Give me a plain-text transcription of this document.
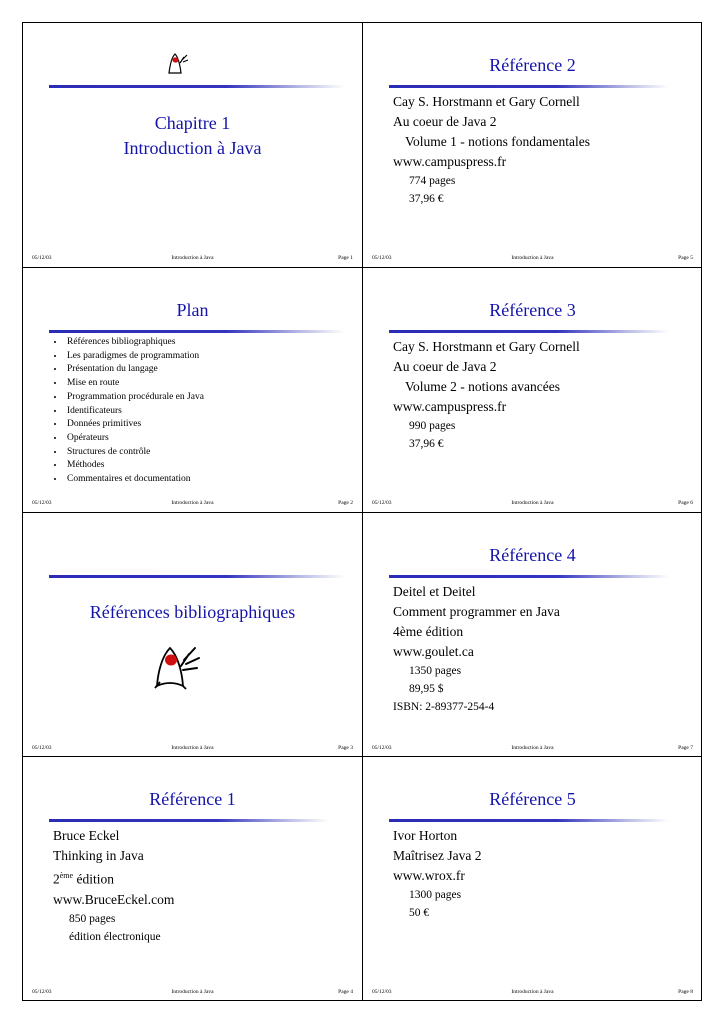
Chapitre 1
Introduction à Java
05/12/03	Introduction à Java	Page 1
Référence 2
Cay S. Horstmann et Gary Cornell
Au coeur de Java 2
Volume 1 - notions fondamentales
www.campuspress.fr
774 pages
37,96 €
05/12/03	Introduction à Java	Page 5
Plan
• Références bibliographiques
• Les paradigmes de programmation
• Présentation du langage
• Mise en route
• Programmation procédurale en Java
• Identificateurs
• Données primitives
• Opérateurs
• Structures de contrôle
• Méthodes
• Commentaires et documentation
05/12/03	Introduction à Java	Page 2
Référence 3
Cay S. Horstmann et Gary Cornell
Au coeur de Java 2
Volume 2 - notions avancées
www.campuspress.fr
990 pages
37,96 €
05/12/03	Introduction à Java	Page 6
Références bibliographiques
05/12/03	Introduction à Java	Page 3
Référence 4
Deitel et Deitel
Comment programmer en Java
4ème édition
www.goulet.ca
1350 pages
89,95 $
ISBN: 2-89377-254-4
05/12/03	Introduction à Java	Page 7
Référence 1
Bruce Eckel
Thinking in Java
2ème édition
www.BruceEckel.com
850 pages
édition électronique
05/12/03	Introduction à Java	Page 4
Référence 5
Ivor Horton
Maîtrisez Java 2
www.wrox.fr
1300 pages
50 €
05/12/03	Introduction à Java	Page 8
